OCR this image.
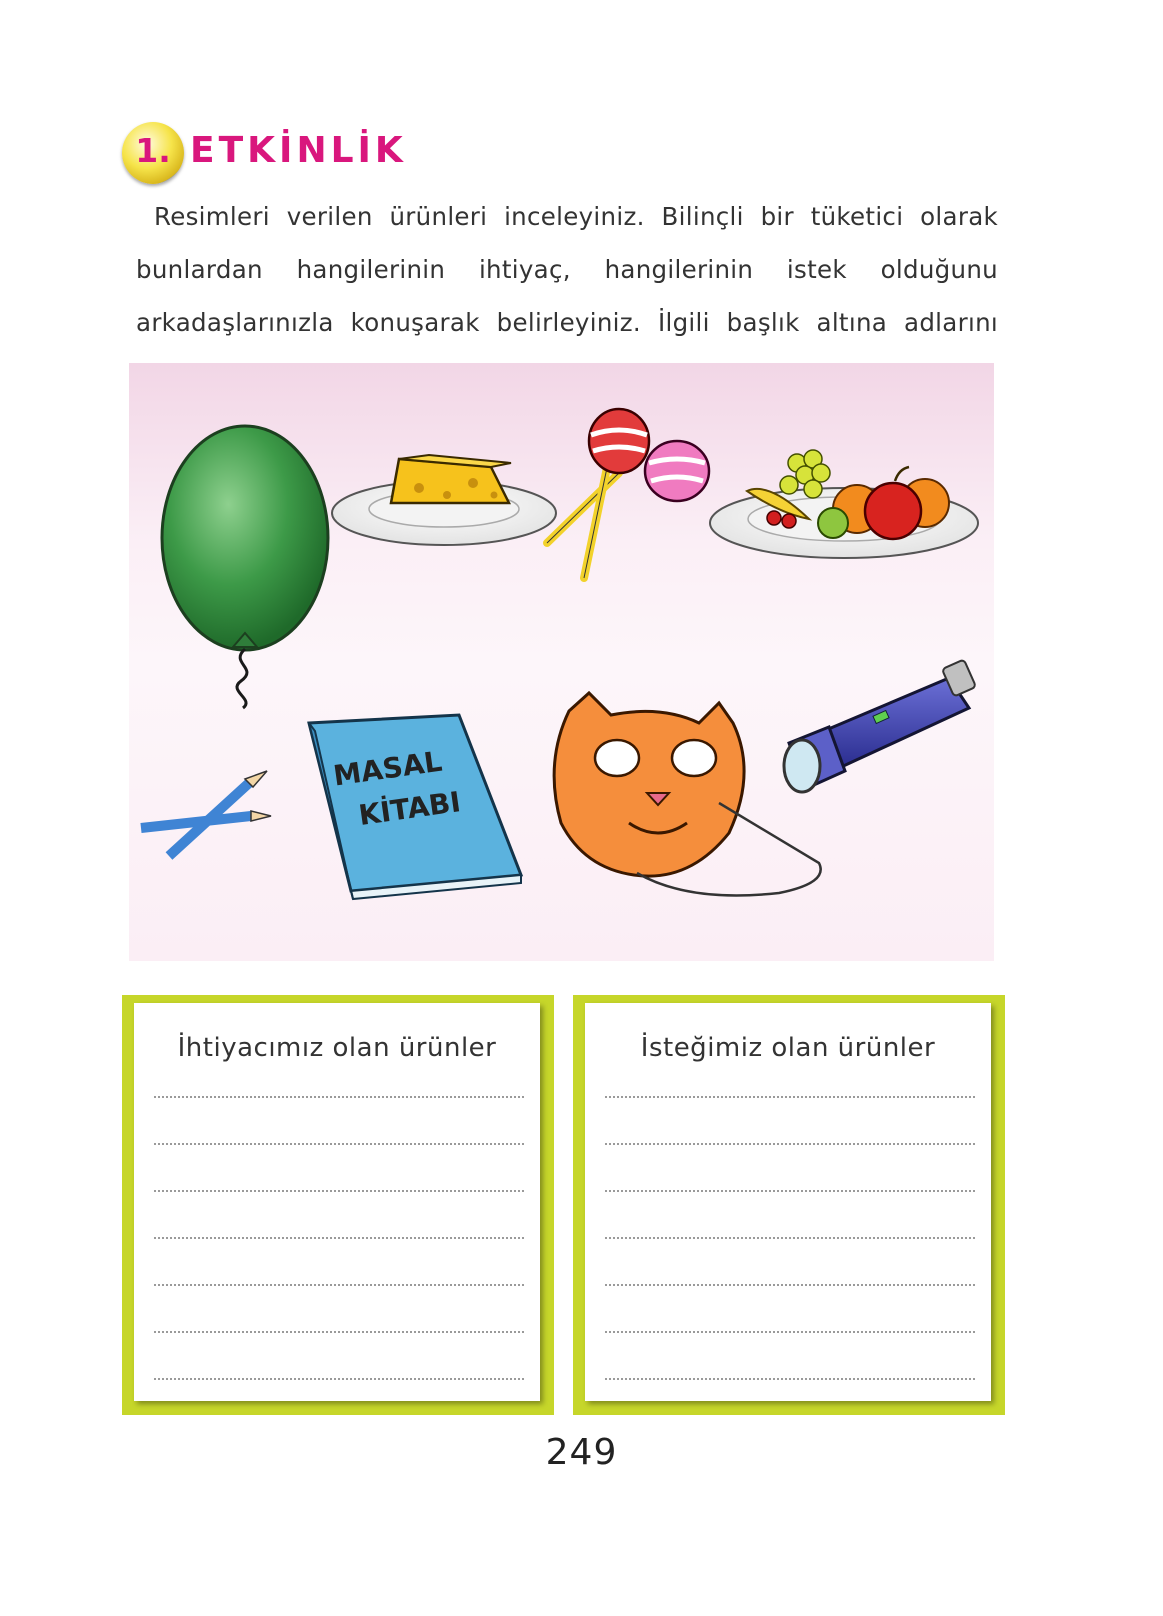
1. ETKİNLİK
Resimleri verilen ürünleri inceleyiniz. Bilinçli bir tüketici olarak bunlardan hangilerinin ihtiyaç, hangilerinin istek olduğunu arkadaşlarınızla konuşarak belirleyiniz. İlgili başlık altına adlarını
MASAL
KİTABI
İhtiyacımız olan ürünler	İsteğimiz olan ürünler
249
